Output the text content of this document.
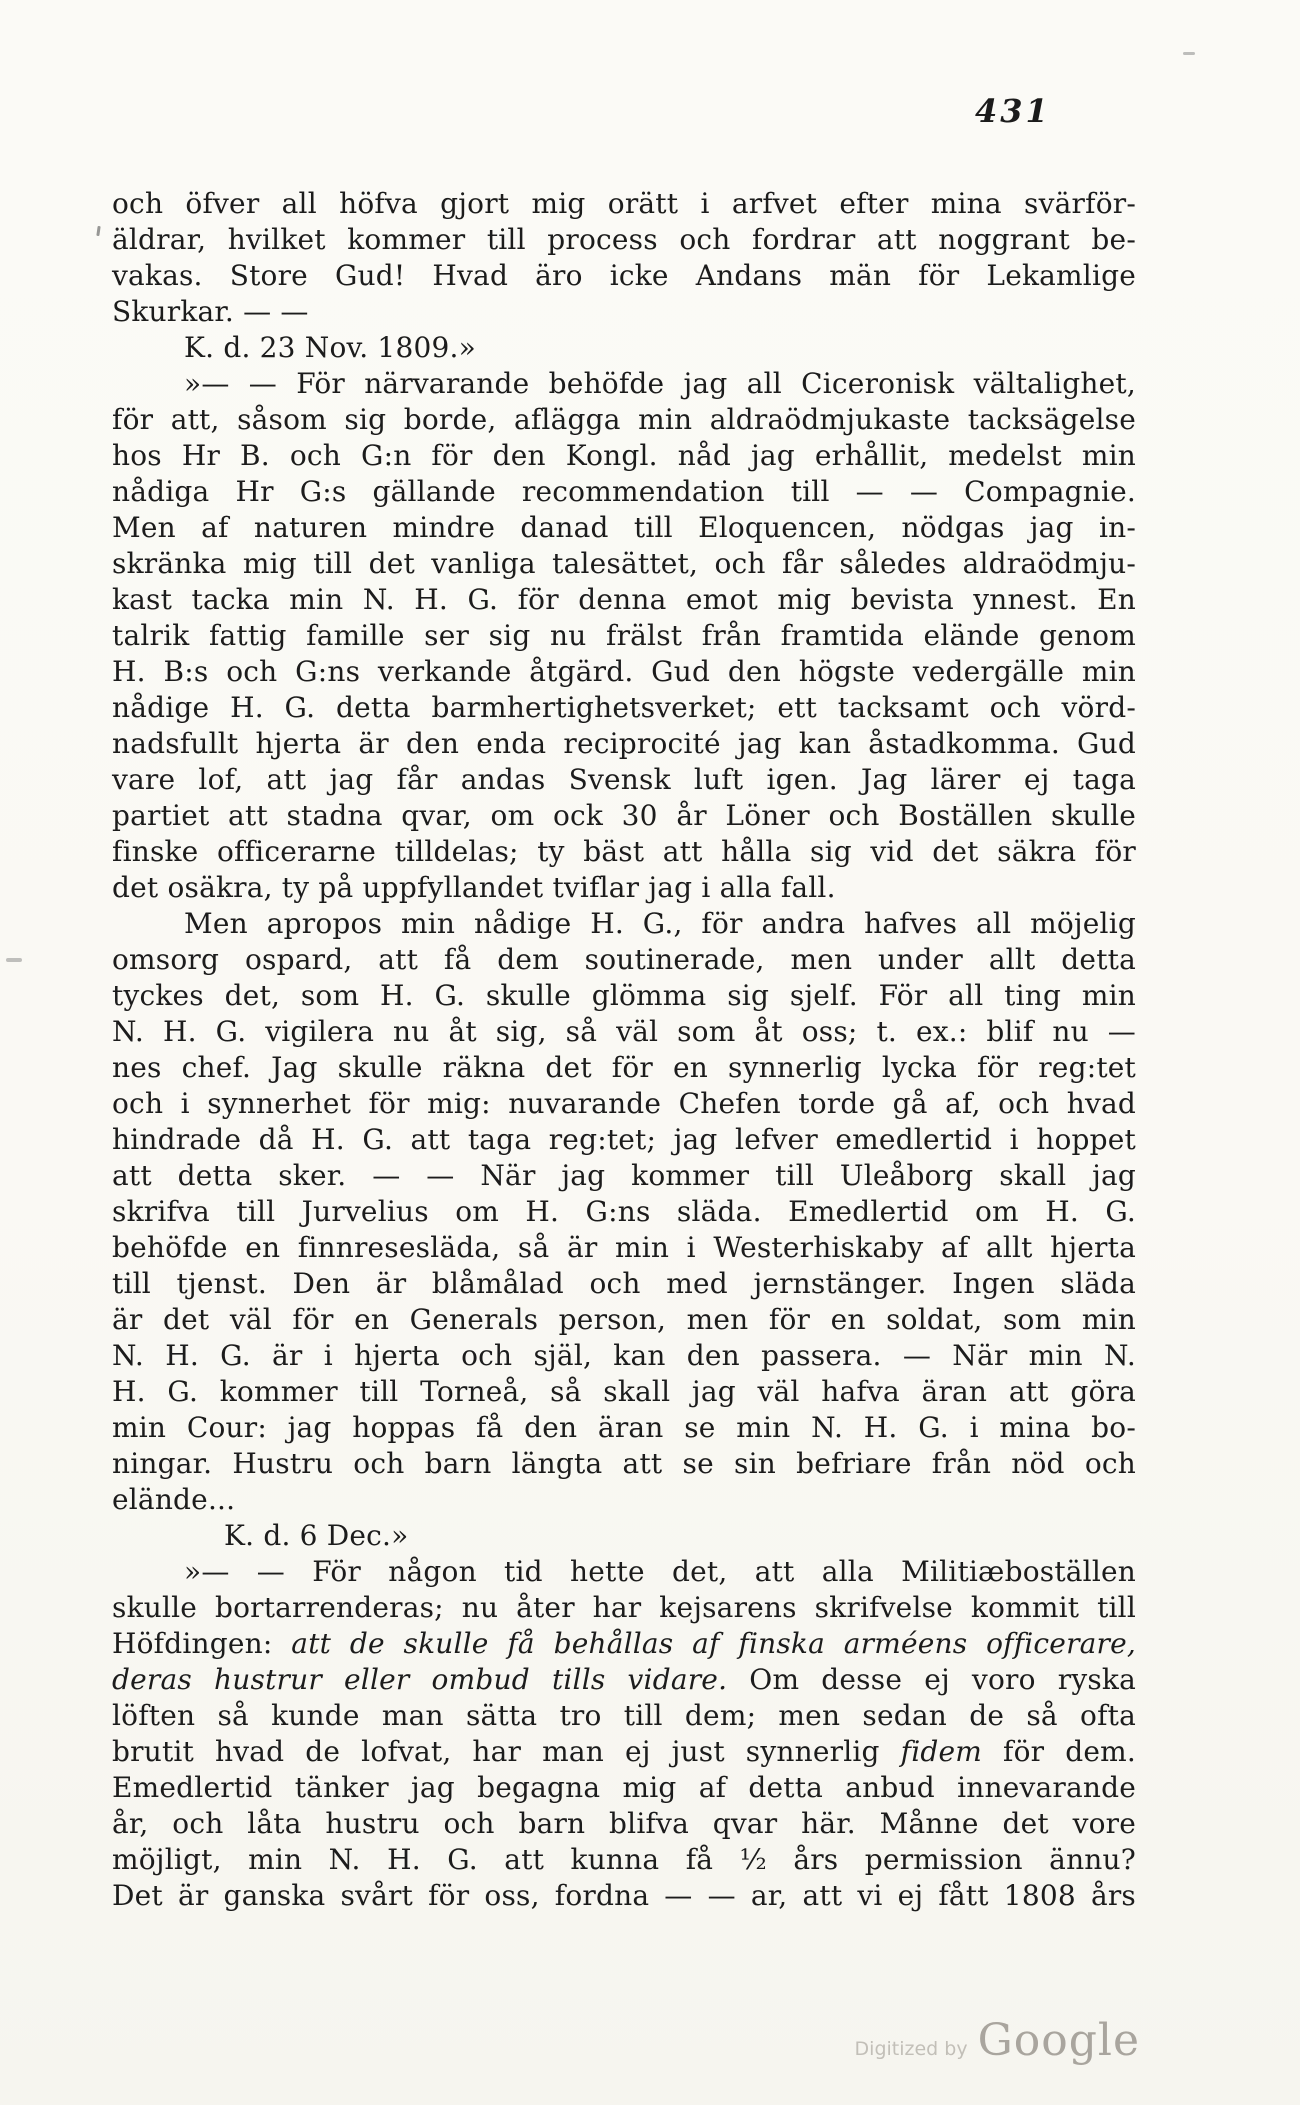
431
och öfver all höfva gjort mig orätt i arfvet efter mina svärför-
äldrar, hvilket kommer till process och fordrar att noggrant be-
vakas. Store Gud! Hvad äro icke Andans män för Lekamlige
Skurkar. — —
K. d. 23 Nov. 1809.»
»— — För närvarande behöfde jag all Ciceronisk vältalighet,
för att, såsom sig borde, aflägga min aldraödmjukaste tacksägelse
hos Hr B. och G:n för den Kongl. nåd jag erhållit, medelst min
nådiga Hr G:s gällande recommendation till — — Compagnie.
Men af naturen mindre danad till Eloquencen, nödgas jag in-
skränka mig till det vanliga talesättet, och får således aldraödmju-
kast tacka min N. H. G. för denna emot mig bevista ynnest. En
talrik fattig famille ser sig nu frälst från framtida elände genom
H. B:s och G:ns verkande åtgärd. Gud den högste vedergälle min
nådige H. G. detta barmhertighetsverket; ett tacksamt och vörd-
nadsfullt hjerta är den enda reciprocité jag kan åstadkomma. Gud
vare lof, att jag får andas Svensk luft igen. Jag lärer ej taga
partiet att stadna qvar, om ock 30 år Löner och Boställen skulle
finske officerarne tilldelas; ty bäst att hålla sig vid det säkra för
det osäkra, ty på uppfyllandet tviflar jag i alla fall.
Men apropos min nådige H. G., för andra hafves all möjelig
omsorg ospard, att få dem soutinerade, men under allt detta
tyckes det, som H. G. skulle glömma sig sjelf. För all ting min
N. H. G. vigilera nu åt sig, så väl som åt oss; t. ex.: blif nu —
nes chef. Jag skulle räkna det för en synnerlig lycka för reg:tet
och i synnerhet för mig: nuvarande Chefen torde gå af, och hvad
hindrade då H. G. att taga reg:tet; jag lefver emedlertid i hoppet
att detta sker. — — När jag kommer till Uleåborg skall jag
skrifva till Jurvelius om H. G:ns släda. Emedlertid om H. G.
behöfde en finnresesläda, så är min i Westerhiskaby af allt hjerta
till tjenst. Den är blåmålad och med jernstänger. Ingen släda
är det väl för en Generals person, men för en soldat, som min
N. H. G. är i hjerta och själ, kan den passera. — När min N.
H. G. kommer till Torneå, så skall jag väl hafva äran att göra
min Cour: jag hoppas få den äran se min N. H. G. i mina bo-
ningar. Hustru och barn längta att se sin befriare från nöd och
elände...
K. d. 6 Dec.»
»— — För någon tid hette det, att alla Militiæboställen
skulle bortarrenderas; nu åter har kejsarens skrifvelse kommit till
Höfdingen: att de skulle få behållas af finska arméens officerare,
deras hustrur eller ombud tills vidare. Om desse ej voro ryska
löften så kunde man sätta tro till dem; men sedan de så ofta
brutit hvad de lofvat, har man ej just synnerlig fidem för dem.
Emedlertid tänker jag begagna mig af detta anbud innevarande
år, och låta hustru och barn blifva qvar här. Månne det vore
möjligt, min N. H. G. att kunna få ½ års permission ännu?
Det är ganska svårt för oss, fordna — — ar, att vi ej fått 1808 års
Digitized by Google
